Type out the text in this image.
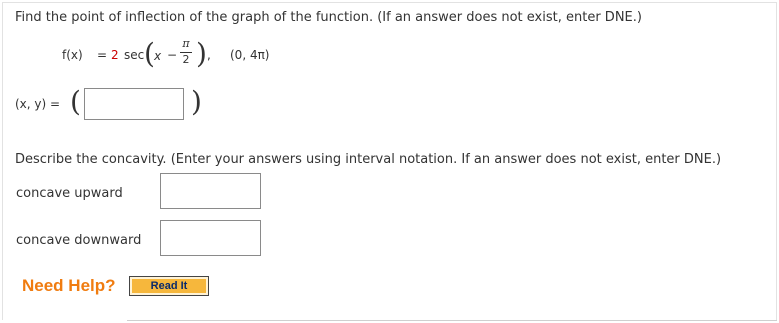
Find the point of inflection of the graph of the function. (If an answer does not exist, enter DNE.)
f(x) = 2 sec ( x −
π
2 ) , (0, 4π)
(x, y) = (	)
Describe the concavity. (Enter your answers using interval notation. If an answer does not exist, enter DNE.)
concave upward
concave downward
Need Help?	Read It
